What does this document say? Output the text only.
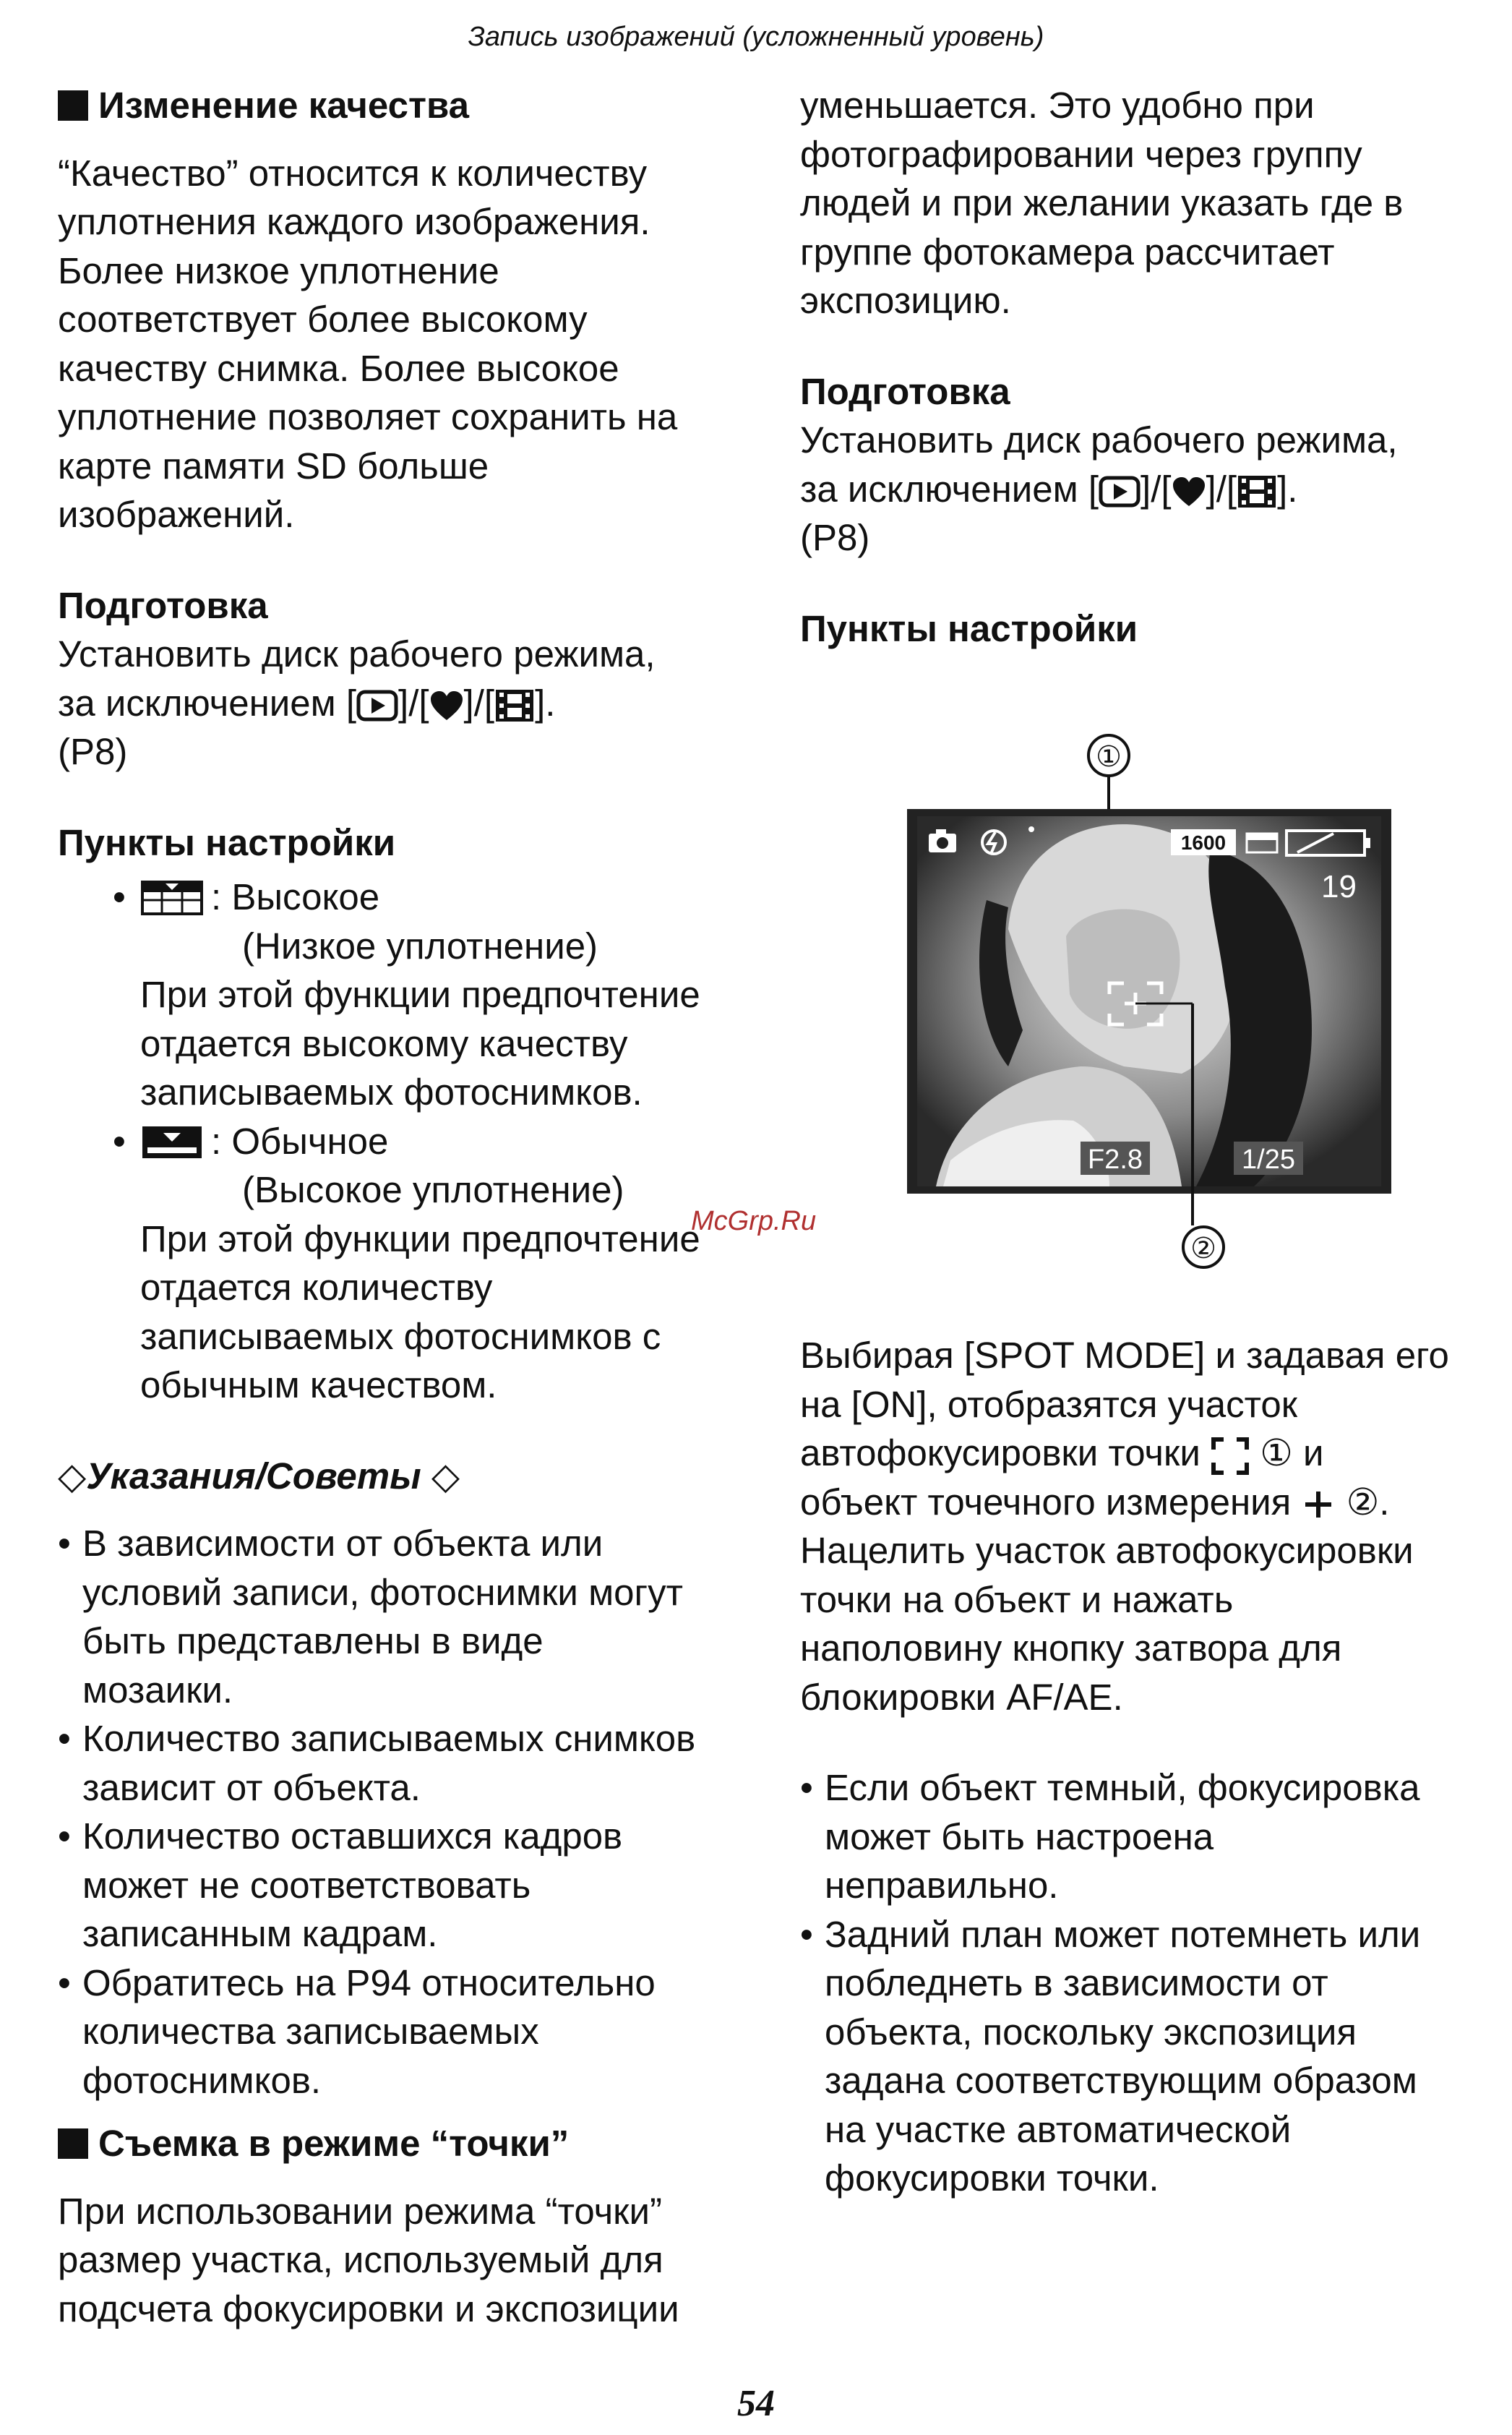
Запись изображений (усложненный уровень)
Изменение качества
“Качество” относится к количеству
уплотнения каждого изображения.
Более низкое уплотнение
соответствует более высокому
качеству снимка. Более высокое
уплотнение позволяет сохранить на
карте памяти SD больше
изображений.
Подготовка
Установить диск рабочего режима,
за исключением [ ]/[ ]/[ ].
(P8)
Пункты настройки
• : Высокое
(Низкое уплотнение)
При этой функции предпочтение
отдается высокому качеству
записываемых фотоснимков.
• : Обычное
(Высокое уплотнение)
При этой функции предпочтение
отдается количеству
записываемых фотоснимков с
обычным качеством.
◇Указания/Советы ◇
• В зависимости от объекта или
условий записи, фотоснимки могут
быть представлены в виде
мозаики.
• Количество записываемых снимков
зависит от объекта.
• Количество оставшихся кадров
может не соответствовать
записанным кадрам.
• Обратитесь на P94 относительно
количества записываемых
фотоснимков.
Съемка в режиме “точки”
При использовании режима “точки”
размер участка, используемый для
подсчета фокусировки и экспозиции
уменьшается. Это удобно при
фотографировании через группу
людей и при желании указать где в
группе фотокамера рассчитает
экспозицию.
Подготовка
Установить диск рабочего режима,
за исключением [ ]/[ ]/[ ].
(P8)
Пункты настройки
Выбирая [SPOT MODE] и задавая его
на [ON], отобразятся участок
автофокусировки точки ① и
объект точечного измерения ②.
Нацелить участок автофокусировки
точки на объект и нажать
наполовину кнопку затвора для
блокировки AF/AE.
• Если объект темный, фокусировка
может быть настроена
неправильно.
• Задний план может потемнеть или
побледнеть в зависимости от
объекта, поскольку экспозиция
задана соответствующим образом
на участке автоматической
фокусировки точки.
①
1600
19
F2.8	1/25
②
McGrp.Ru
54
